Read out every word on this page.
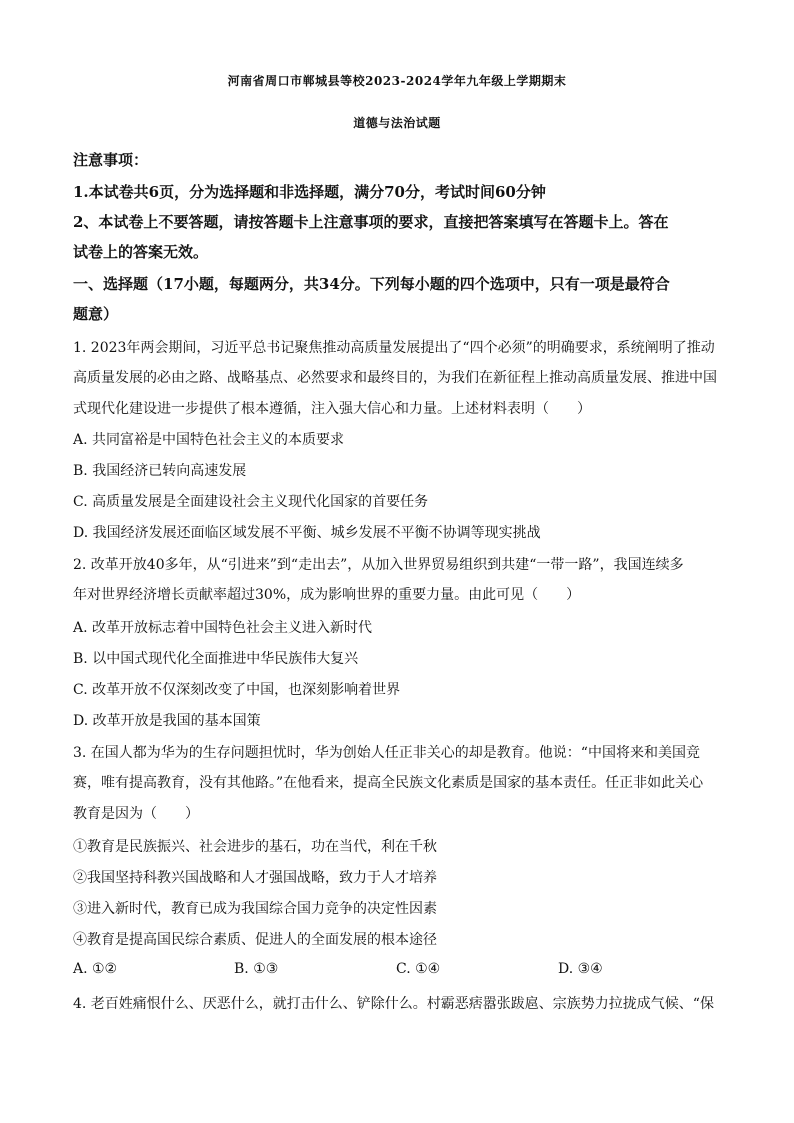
河南省周口市郸城县等校2023-2024学年九年级上学期期末
道德与法治试题
注意事项：
1.本试卷共6页，分为选择题和非选择题，满分70分，考试时间60分钟
2、本试卷上不要答题，请按答题卡上注意事项的要求，直接把答案填写在答题卡上。答在
试卷上的答案无效。
一、选择题（17小题，每题两分，共34分。下列每小题的四个选项中，只有一项是最符合
题意）
1. 2023年两会期间，习近平总书记聚焦推动高质量发展提出了“四个必须”的明确要求，系统阐明了推动
高质量发展的必由之路、战略基点、必然要求和最终目的，为我们在新征程上推动高质量发展、推进中国
式现代化建设进一步提供了根本遵循，注入强大信心和力量。上述材料表明（　　）
A. 共同富裕是中国特色社会主义的本质要求
B. 我国经济已转向高速发展
C. 高质量发展是全面建设社会主义现代化国家的首要任务
D. 我国经济发展还面临区域发展不平衡、城乡发展不平衡不协调等现实挑战
2. 改革开放40多年，从“引进来”到“走出去”，从加入世界贸易组织到共建“一带一路”，我国连续多
年对世界经济增长贡献率超过30%，成为影响世界的重要力量。由此可见（　　）
A. 改革开放标志着中国特色社会主义进入新时代
B. 以中国式现代化全面推进中华民族伟大复兴
C. 改革开放不仅深刻改变了中国，也深刻影响着世界
D. 改革开放是我国的基本国策
3. 在国人都为华为的生存问题担忧时，华为创始人任正非关心的却是教育。他说：“中国将来和美国竞
赛，唯有提高教育，没有其他路。”在他看来，提高全民族文化素质是国家的基本责任。任正非如此关心
教育是因为（　　）
①教育是民族振兴、社会进步的基石，功在当代，利在千秋
②我国坚持科教兴国战略和人才强国战略，致力于人才培养
③进入新时代，教育已成为我国综合国力竞争的决定性因素
④教育是提高国民综合素质、促进人的全面发展的根本途径
A. ①②	B. ①③	C. ①④	D. ③④
4. 老百姓痛恨什么、厌恶什么，就打击什么、铲除什么。村霸恶痞嚣张跋扈、宗族势力拉拢成气候、“保
